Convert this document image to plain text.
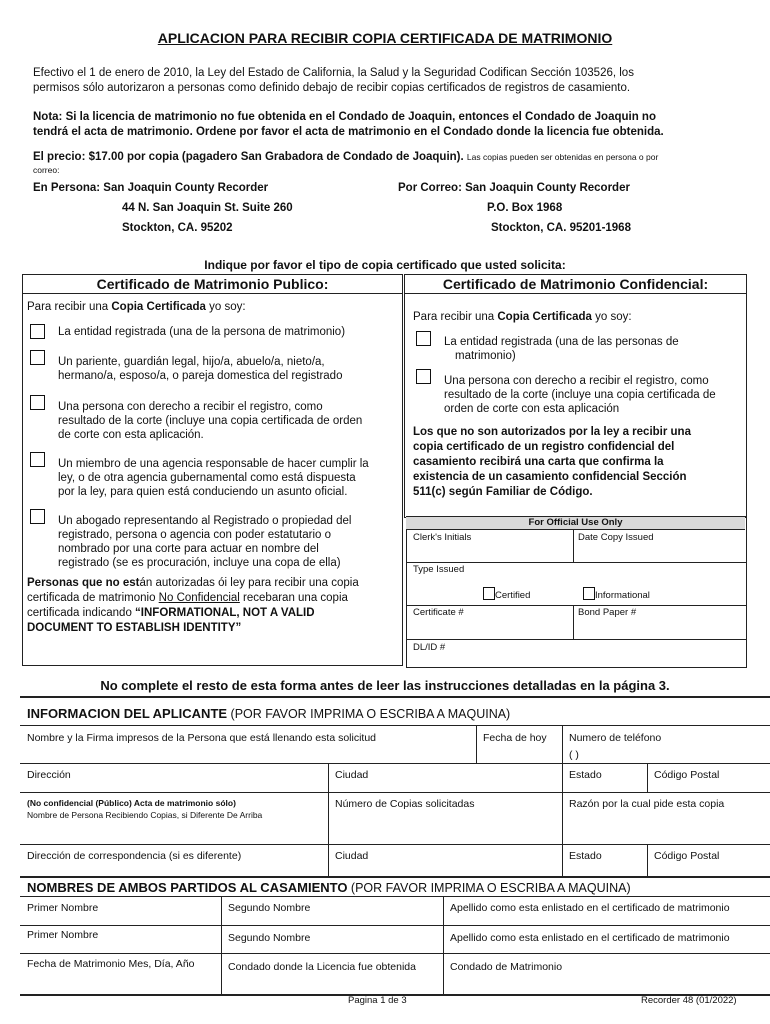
APLICACION PARA RECIBIR COPIA CERTIFICADA DE MATRIMONIO
Efectivo el 1 de enero de 2010, la Ley del Estado de California, la Salud y la Seguridad Codifican Sección 103526, los
permisos sólo autorizaron a personas como definido debajo de recibir copias certificados de registros de casamiento.
Nota: Si la licencia de matrimonio no fue obtenida en el Condado de Joaquin, entonces el Condado de Joaquin no
tendrá el acta de matrimonio. Ordene por favor el acta de matrimonio en el Condado donde la licencia fue obtenida.
El precio: $17.00 por copia (pagadero San Grabadora de Condado de Joaquin). Las copias pueden ser obtenidas en persona o por
correo:
En Persona: San Joaquin County Recorder
44 N. San Joaquin St. Suite 260
Stockton, CA. 95202
Por Correo: San Joaquin County Recorder
P.O. Box 1968
Stockton, CA. 95201-1968
Indique por favor el tipo de copia certificado que usted solicita:
Certificado de Matrimonio Publico:
Para recibir una Copia Certificada yo soy:
La entidad registrada (una de la persona de matrimonio)
Un pariente, guardián legal, hijo/a, abuelo/a, nieto/a,
hermano/a, esposo/a, o pareja domestica del registrado
Una persona con derecho a recibir el registro, como
resultado de la corte (incluye una copia certificada de orden
de corte con esta aplicación.
Un miembro de una agencia responsable de hacer cumplir la
ley, o de otra agencia gubernamental como está dispuesta
por la ley, para quien está conduciendo un asunto oficial.
Un abogado representando al Registrado o propiedad del
registrado, persona o agencia con poder estatutario o
nombrado por una corte para actuar en nombre del
registrado (se es procuración, incluye una copa de ella)
Personas que no están autorizadas ói ley para recibir una copia
certificada de matrimonio No Confidencial recebaran una copia
certificada indicando “INFORMATIONAL, NOT A VALID
DOCUMENT TO ESTABLISH IDENTITY”
Certificado de Matrimonio Confidencial:
Para recibir una Copia Certificada yo soy:
La entidad registrada (una de las personas de
matrimonio)
Una persona con derecho a recibir el registro, como
resultado de la corte (incluye una copia certificada de
orden de corte con esta aplicación
Los que no son autorizados por la ley a recibir una
copia certificado de un registro confidencial del
casamiento recibirá una carta que confirma la
existencia de un casamiento confidencial Sección
511(c) según Familiar de Código.
For Official Use Only
Clerk's Initials	Date Copy Issued
Type Issued
Certified	Informational
Certificate #	Bond Paper #
DL/ID #
No complete el resto de esta forma antes de leer las instrucciones detalladas en la página 3.
INFORMACION DEL APLICANTE (POR FAVOR IMPRIMA O ESCRIBA A MAQUINA)
Nombre y la Firma impresos de la Persona que está llenando esta solicitud	Fecha de hoy Numero de teléfono
( )
Dirección	Ciudad	Estado	Código Postal
(No confidencial (Público) Acta de matrimonio sólo)
Nombre de Persona Recibiendo Copias, si Diferente De Arriba
Número de Copias solicitadas	Razón por la cual pide esta copia
Dirección de correspondencia (si es diferente)	Ciudad	Estado	Código Postal
NOMBRES DE AMBOS PARTIDOS AL CASAMIENTO (POR FAVOR IMPRIMA O ESCRIBA A MAQUINA)
Primer Nombre	Segundo Nombre	Apellido como esta enlistado en el certificado de matrimonio
Primer Nombre	Segundo Nombre	Apellido como esta enlistado en el certificado de matrimonio
Fecha de Matrimonio Mes, Día, Año	Condado donde la Licencia fue obtenida	Condado de Matrimonio
Pagina 1 de 3	Recorder 48 (01/2022)
